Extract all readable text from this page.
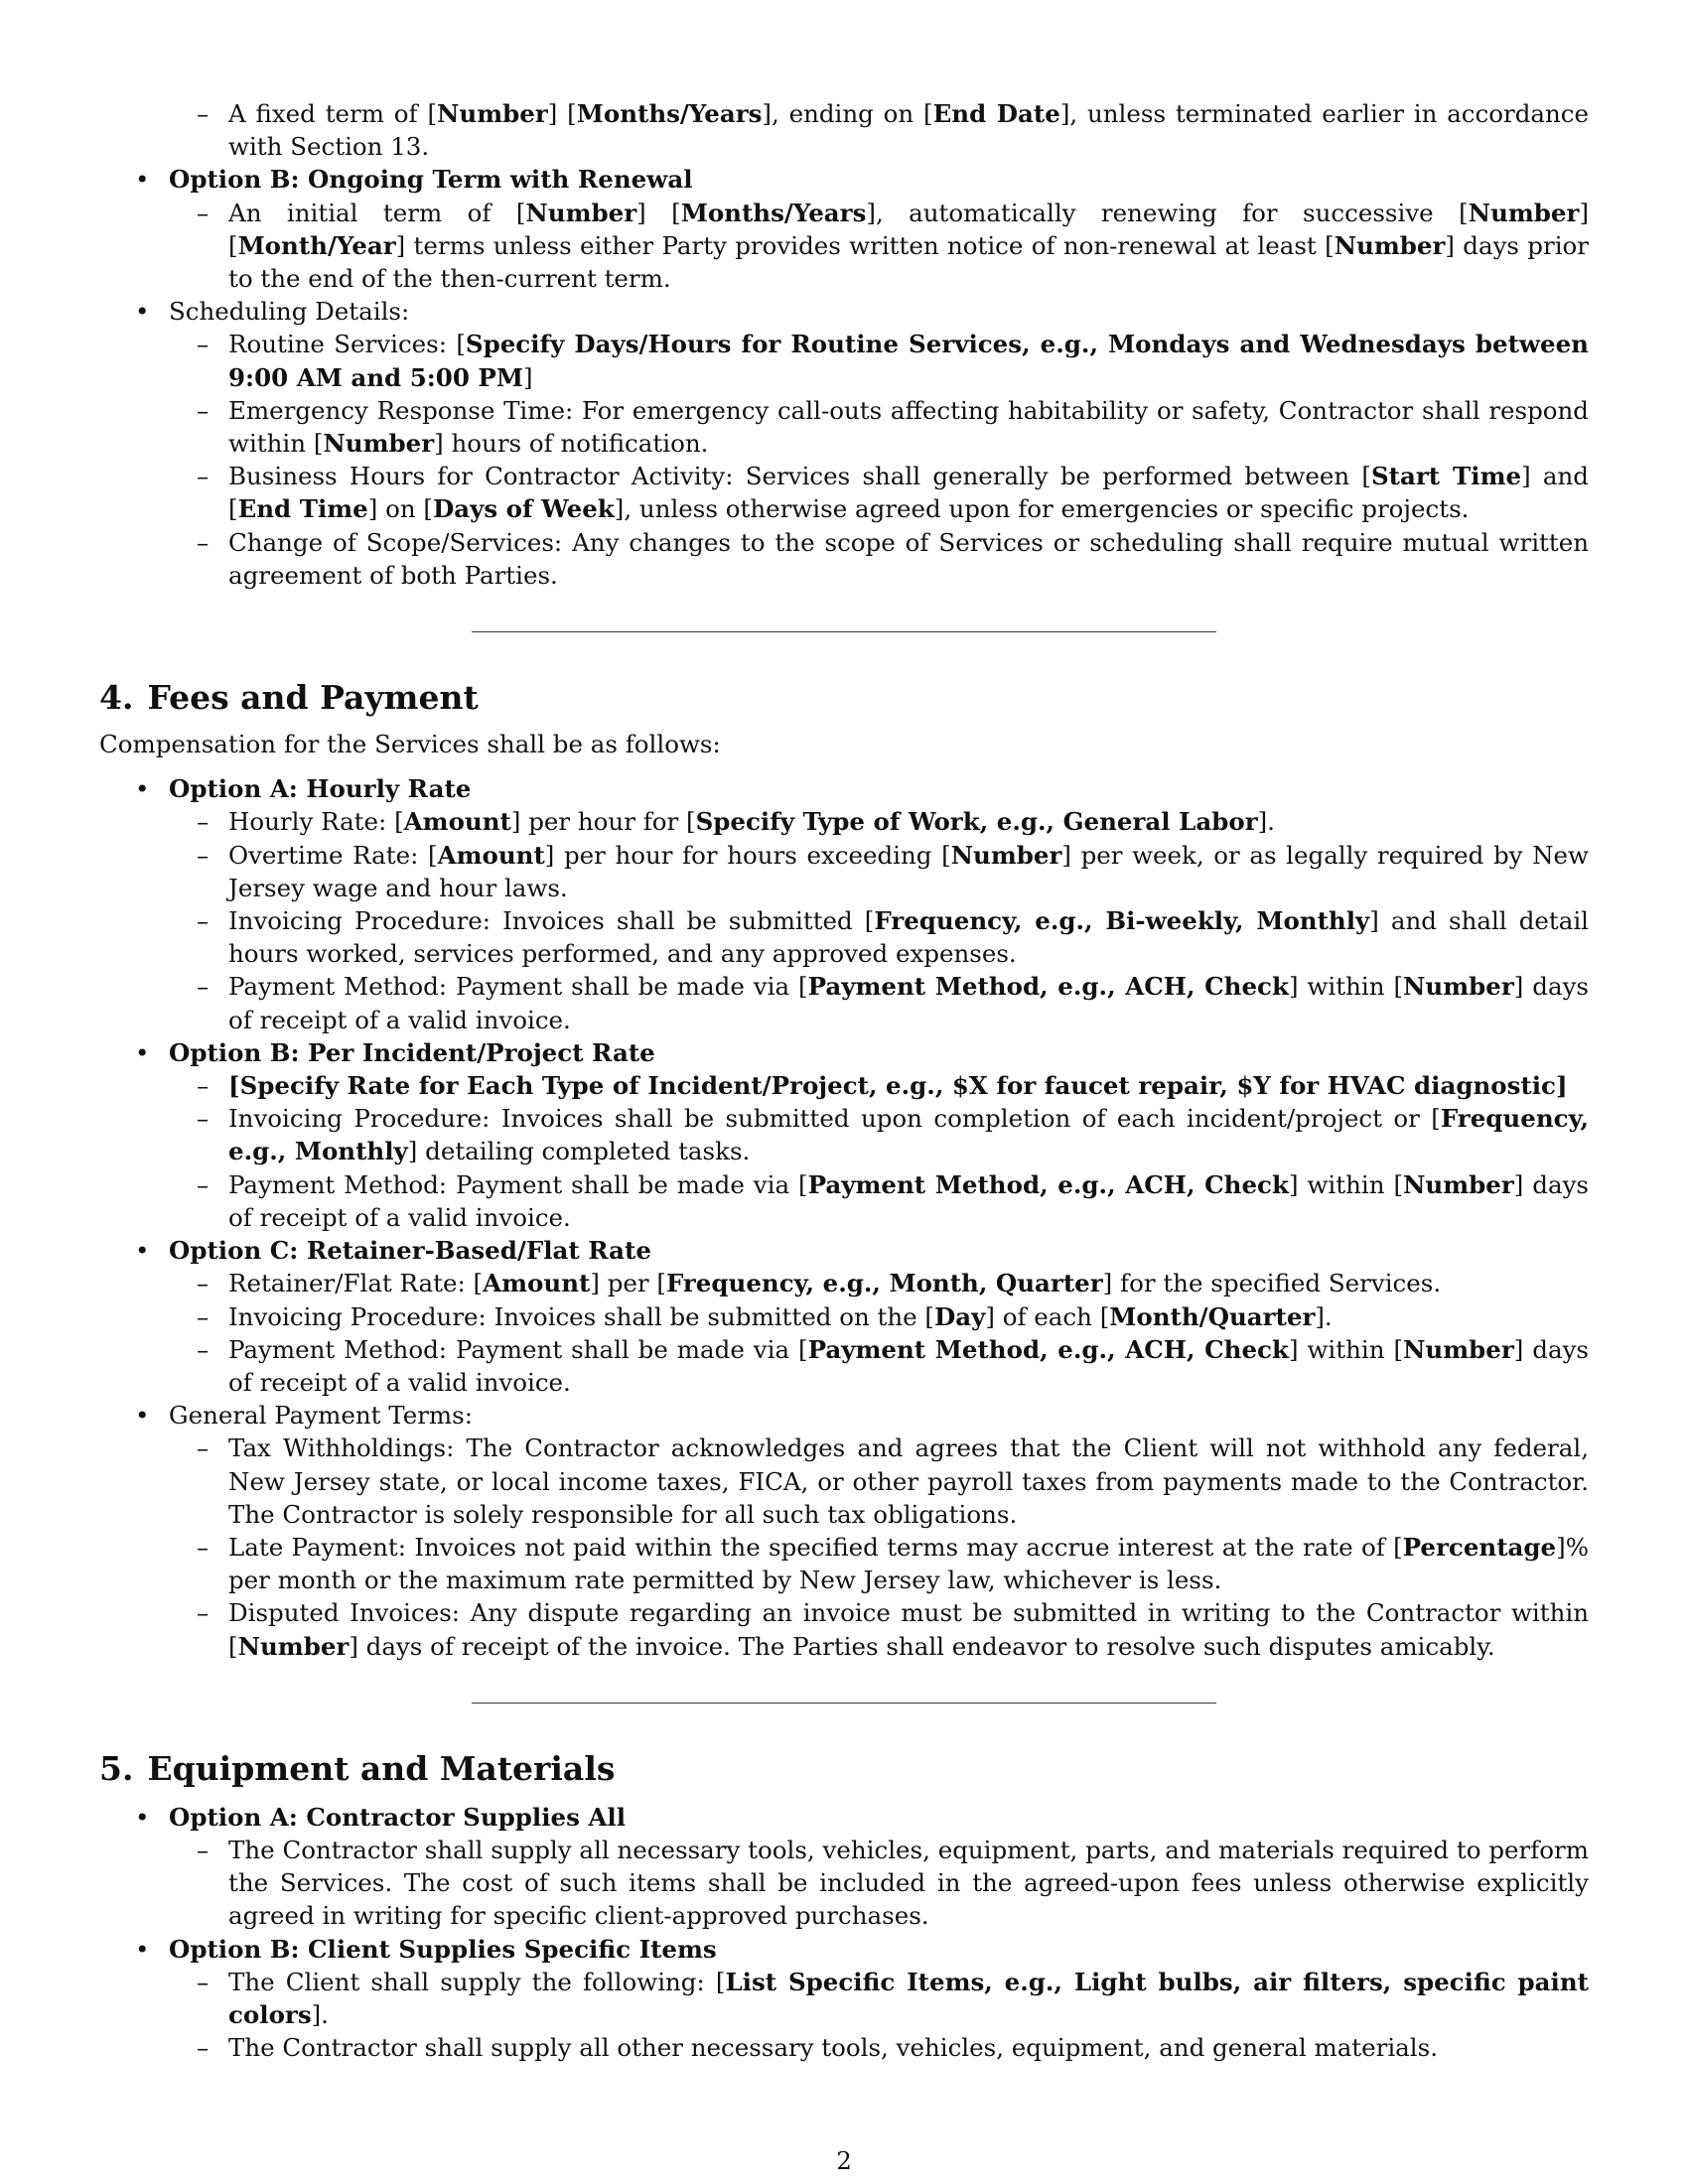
– A fixed term of [Number] [Months/Years], ending on [End Date], unless terminated earlier in accordance with Section 13.
• Option B: Ongoing Term with Renewal
– An initial term of [Number] [Months/Years], automatically renewing for successive [Number] [Month/Year] terms unless either Party provides written notice of non-renewal at least [Number] days prior to the end of the then-current term.
• Scheduling Details:
– Routine Services: [Specify Days/Hours for Routine Services, e.g., Mondays and Wednesdays between 9:00 AM and 5:00 PM]
– Emergency Response Time: For emergency call-outs affecting habitability or safety, Contractor shall respond within [Number] hours of notification.
– Business Hours for Contractor Activity: Services shall generally be performed between [Start Time] and [End Time] on [Days of Week], unless otherwise agreed upon for emergencies or specific projects.
– Change of Scope/Services: Any changes to the scope of Services or scheduling shall require mutual written agreement of both Parties.
4. Fees and Payment
Compensation for the Services shall be as follows:
• Option A: Hourly Rate
– Hourly Rate: [Amount] per hour for [Specify Type of Work, e.g., General Labor].
– Overtime Rate: [Amount] per hour for hours exceeding [Number] per week, or as legally required by New Jersey wage and hour laws.
– Invoicing Procedure: Invoices shall be submitted [Frequency, e.g., Bi-weekly, Monthly] and shall detail hours worked, services performed, and any approved expenses.
– Payment Method: Payment shall be made via [Payment Method, e.g., ACH, Check] within [Number] days of receipt of a valid invoice.
• Option B: Per Incident/Project Rate
– [Specify Rate for Each Type of Incident/Project, e.g., $X for faucet repair, $Y for HVAC diagnostic]
– Invoicing Procedure: Invoices shall be submitted upon completion of each incident/project or [Frequency, e.g., Monthly] detailing completed tasks.
– Payment Method: Payment shall be made via [Payment Method, e.g., ACH, Check] within [Number] days of receipt of a valid invoice.
• Option C: Retainer-Based/Flat Rate
– Retainer/Flat Rate: [Amount] per [Frequency, e.g., Month, Quarter] for the specified Services.
– Invoicing Procedure: Invoices shall be submitted on the [Day] of each [Month/Quarter].
– Payment Method: Payment shall be made via [Payment Method, e.g., ACH, Check] within [Number] days of receipt of a valid invoice.
• General Payment Terms:
– Tax Withholdings: The Contractor acknowledges and agrees that the Client will not withhold any federal, New Jersey state, or local income taxes, FICA, or other payroll taxes from payments made to the Contractor. The Contractor is solely responsible for all such tax obligations.
– Late Payment: Invoices not paid within the specified terms may accrue interest at the rate of [Percentage]% per month or the maximum rate permitted by New Jersey law, whichever is less.
– Disputed Invoices: Any dispute regarding an invoice must be submitted in writing to the Contractor within [Number] days of receipt of the invoice. The Parties shall endeavor to resolve such disputes amicably.
5. Equipment and Materials
• Option A: Contractor Supplies All
– The Contractor shall supply all necessary tools, vehicles, equipment, parts, and materials required to perform the Services. The cost of such items shall be included in the agreed-upon fees unless otherwise explicitly agreed in writing for specific client-approved purchases.
• Option B: Client Supplies Specific Items
– The Client shall supply the following: [List Specific Items, e.g., Light bulbs, air filters, specific paint colors].
– The Contractor shall supply all other necessary tools, vehicles, equipment, and general materials.
2
